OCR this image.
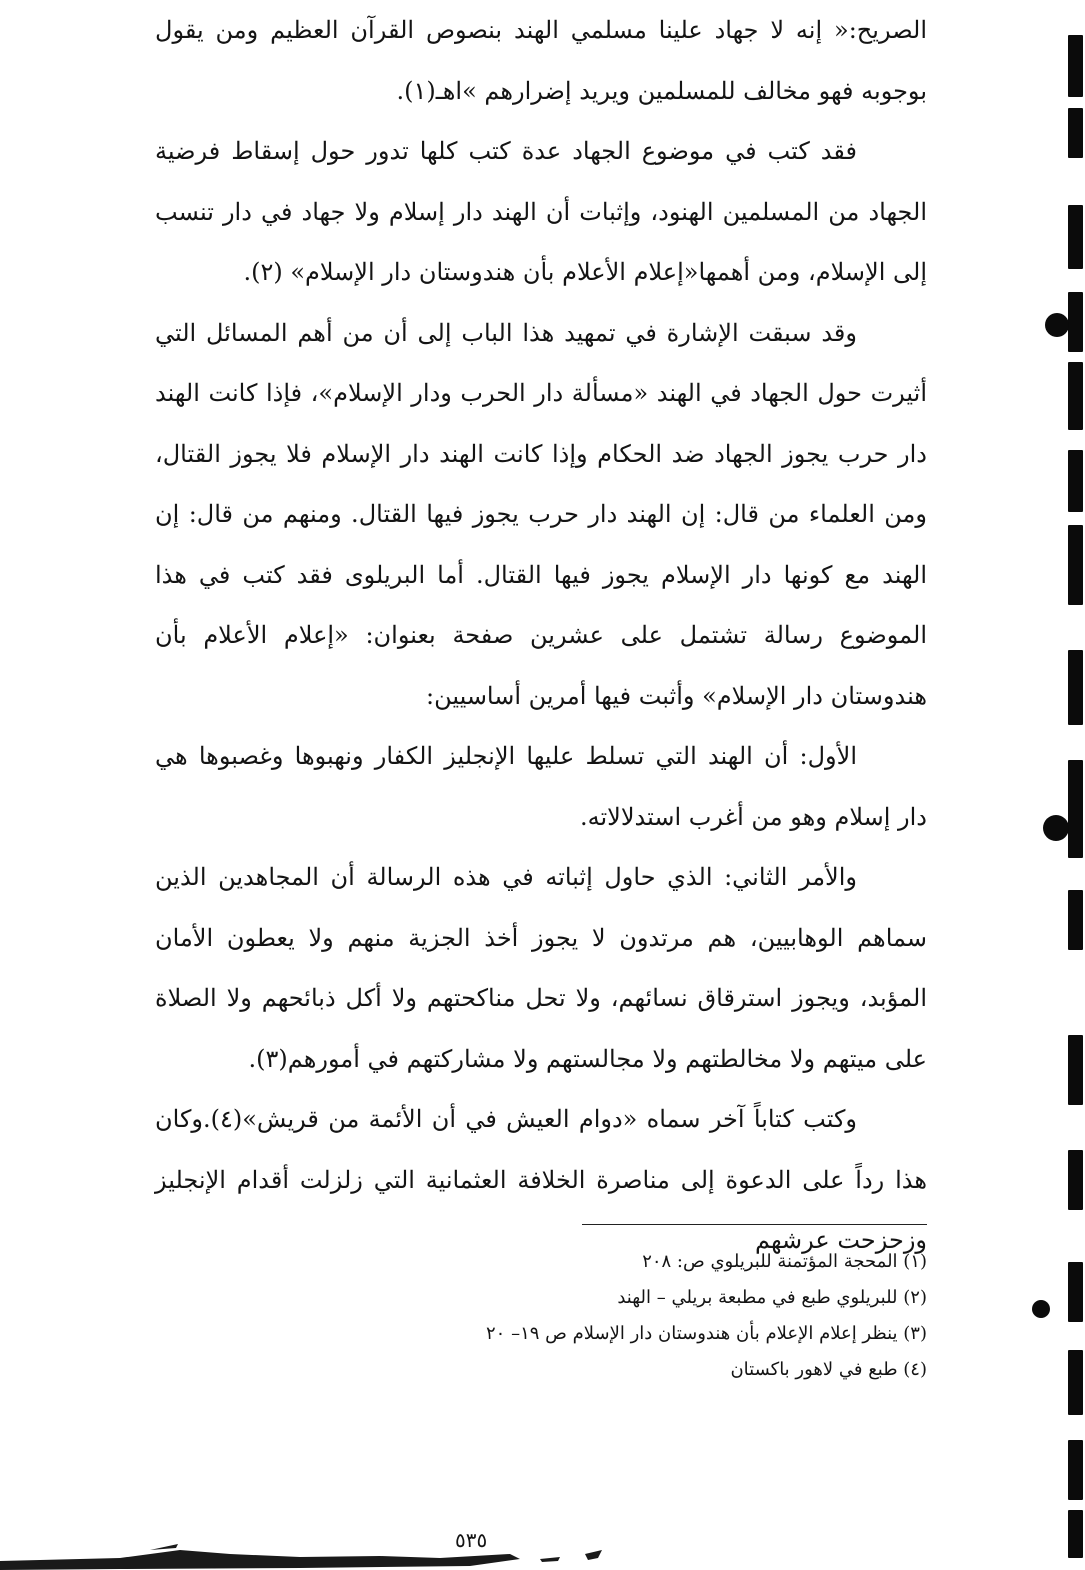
الصريح:« إنه لا جهاد علينا مسلمي الهند بنصوص القرآن العظيم ومن يقول بوجوبه فهو مخالف للمسلمين ويريد إضرارهم »اهـ(١).

فقد كتب في موضوع الجهاد عدة كتب كلها تدور حول إسقاط فرضية الجهاد من المسلمين الهنود، وإثبات أن الهند دار إسلام ولا جهاد في دار تنسب إلى الإسلام، ومن أهمها«إعلام الأعلام بأن هندوستان دار الإسلام» (٢).

وقد سبقت الإشارة في تمهيد هذا الباب إلى أن من أهم المسائل التي أثيرت حول الجهاد في الهند «مسألة دار الحرب ودار الإسلام»، فإذا كانت الهند دار حرب يجوز الجهاد ضد الحكام وإذا كانت الهند دار الإسلام فلا يجوز القتال، ومن العلماء من قال: إن الهند دار حرب يجوز فيها القتال. ومنهم من قال: إن الهند مع كونها دار الإسلام يجوز فيها القتال. أما البريلوى فقد كتب في هذا الموضوع رسالة تشتمل على عشرين صفحة بعنوان: «إعلام الأعلام بأن هندوستان دار الإسلام» وأثبت فيها أمرين أساسيين:

الأول: أن الهند التي تسلط عليها الإنجليز الكفار ونهبوها وغصبوها هي دار إسلام وهو من أغرب استدلالاته.

والأمر الثاني: الذي حاول إثباته في هذه الرسالة أن المجاهدين الذين سماهم الوهابيين، هم مرتدون لا يجوز أخذ الجزية منهم ولا يعطون الأمان المؤبد، ويجوز استرقاق نسائهم، ولا تحل مناكحتهم ولا أكل ذبائحهم ولا الصلاة على ميتهم ولا مخالطتهم ولا مجالستهم ولا مشاركتهم في أمورهم(٣).

وكتب كتاباً آخر سماه «دوام العيش في أن الأئمة من قريش»(٤).وكان هذا رداً على الدعوة إلى مناصرة الخلافة العثمانية التي زلزلت أقدام الإنجليز وزحزحت عرشهم

(١) المحجة المؤتمنة للبريلوي ص: ٢٠٨

(٢) للبريلوي طبع في مطبعة بريلي – الهند

(٣) ينظر إعلام الإعلام بأن هندوستان دار الإسلام ص ١٩– ٢٠

(٤) طبع في لاهور باكستان

٥٣٥
